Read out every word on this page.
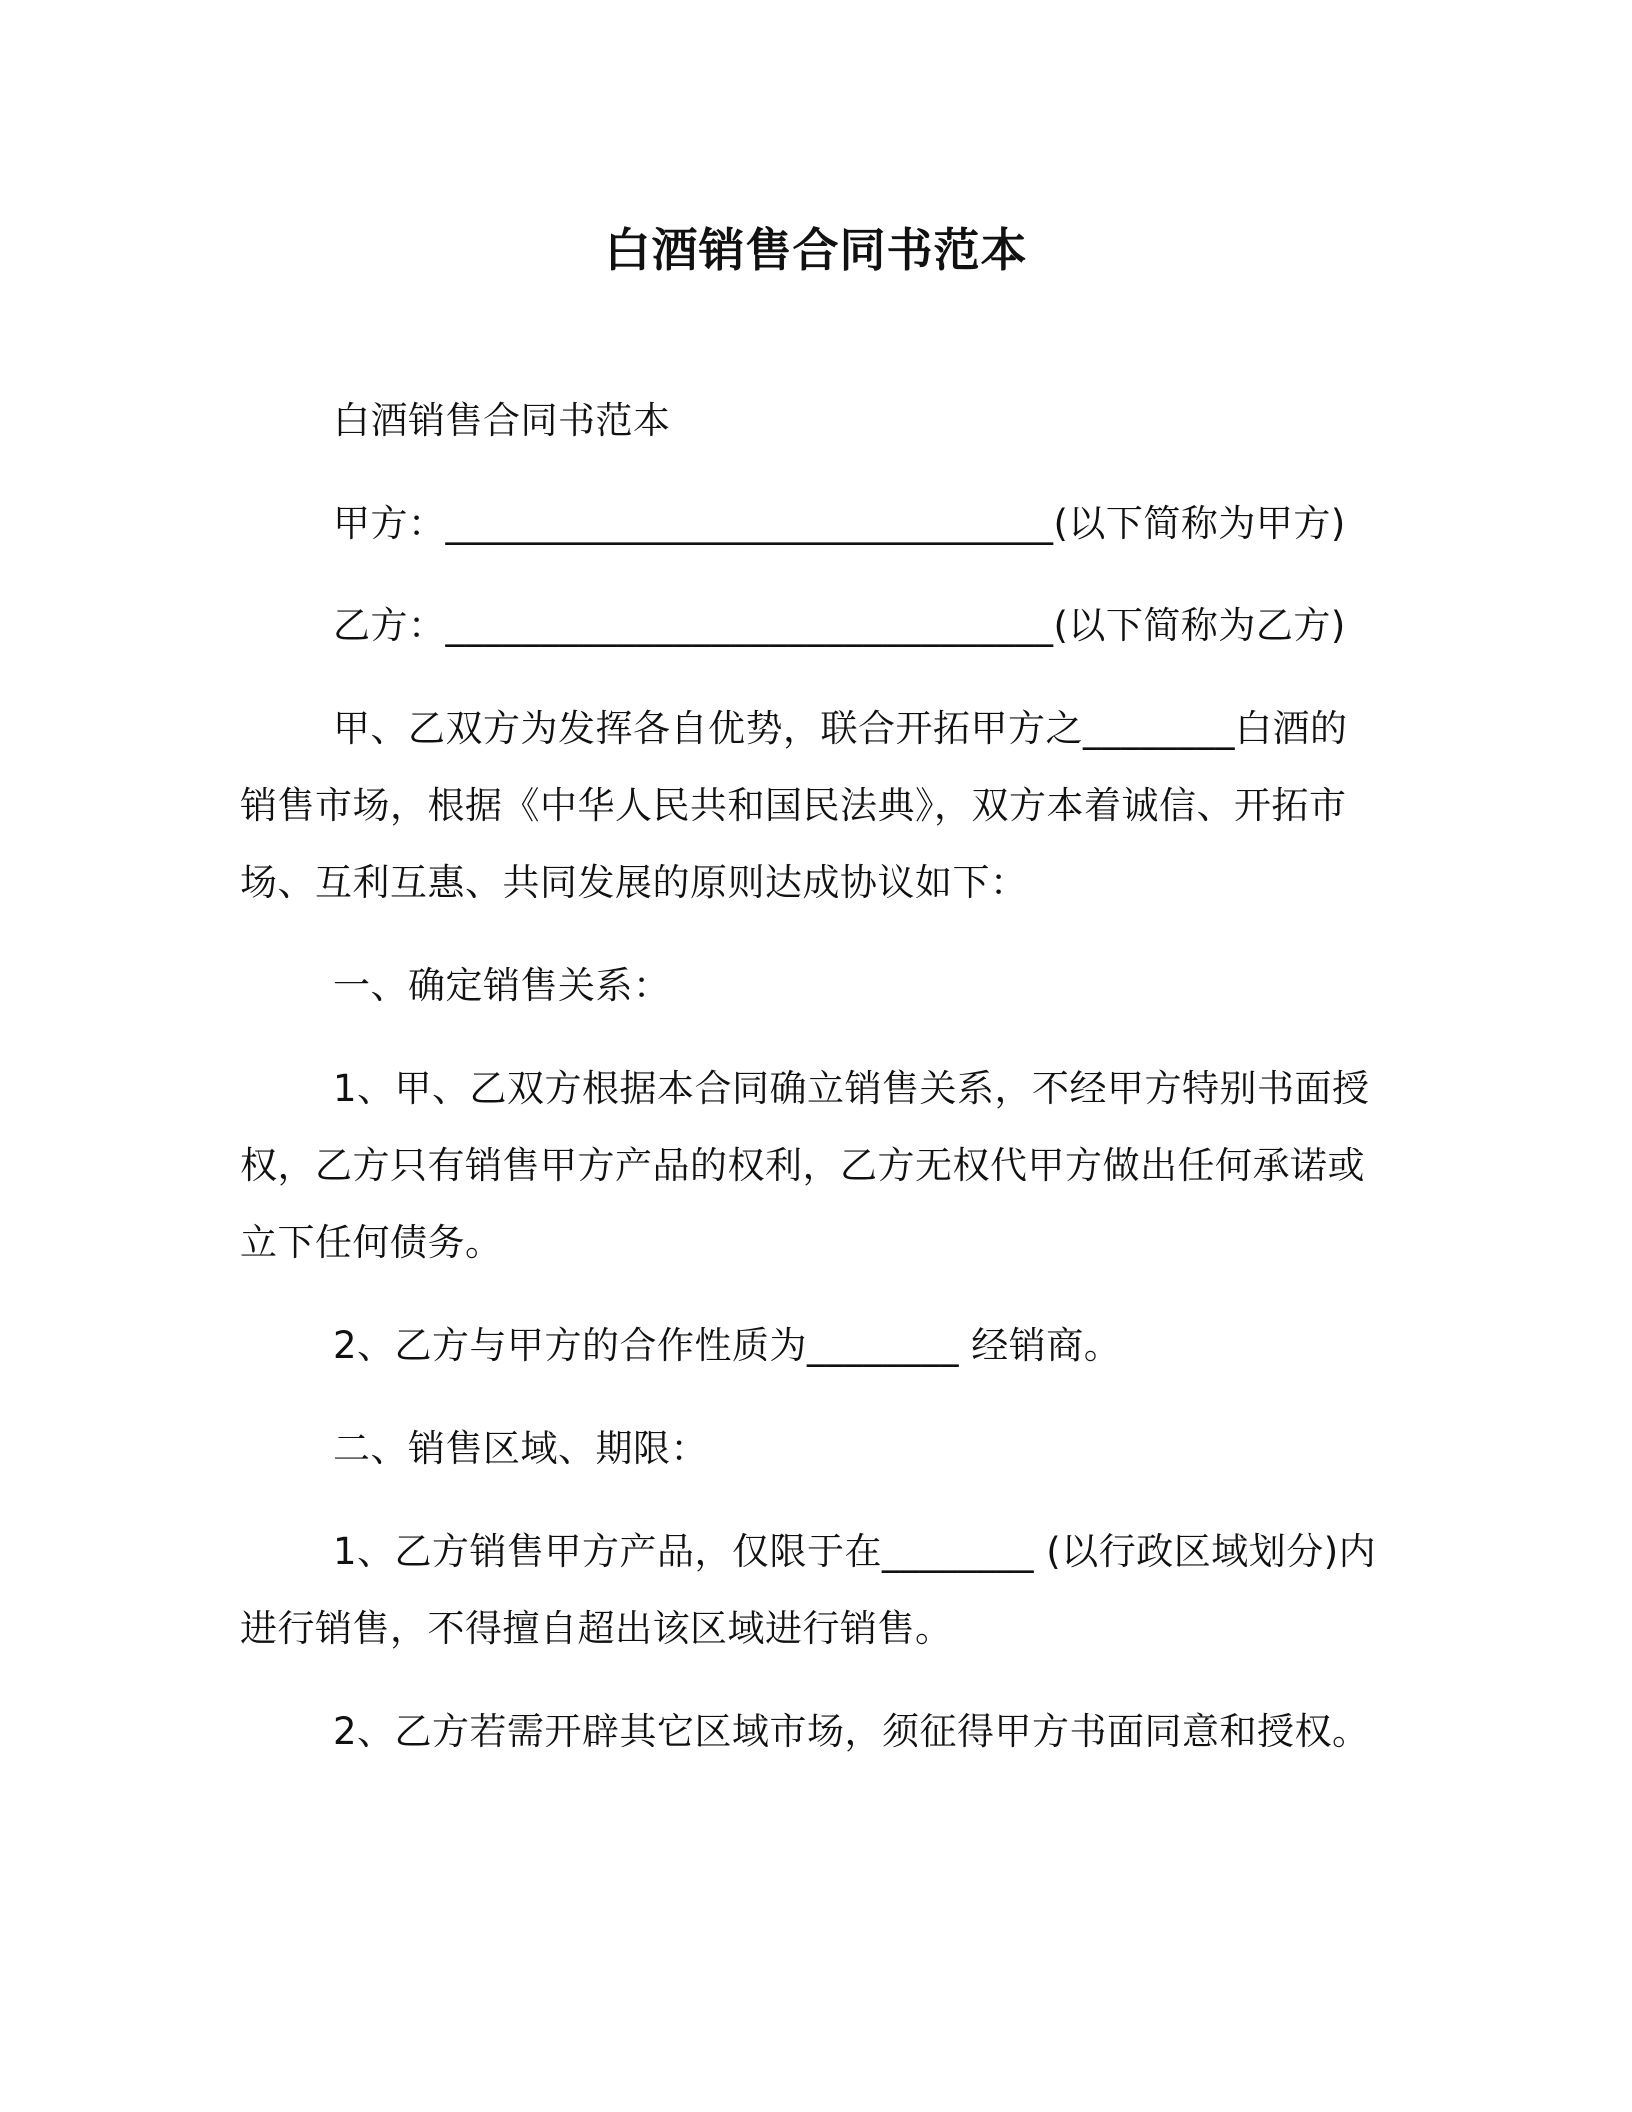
白酒销售合同书范本
白酒销售合同书范本
甲方：________________________________(以下简称为甲方)
乙方：________________________________(以下简称为乙方)
甲、乙双方为发挥各自优势，联合开拓甲方之________白酒的
销售市场，根据《中华人民共和国民法典》，双方本着诚信、开拓市
场、互利互惠、共同发展的原则达成协议如下：
一、确定销售关系：
1、甲、乙双方根据本合同确立销售关系，不经甲方特别书面授
权，乙方只有销售甲方产品的权利，乙方无权代甲方做出任何承诺或
立下任何债务。
2、乙方与甲方的合作性质为________ 经销商。
二、销售区域、期限：
1、乙方销售甲方产品，仅限于在________ (以行政区域划分)内
进行销售，不得擅自超出该区域进行销售。
2、乙方若需开辟其它区域市场，须征得甲方书面同意和授权。
